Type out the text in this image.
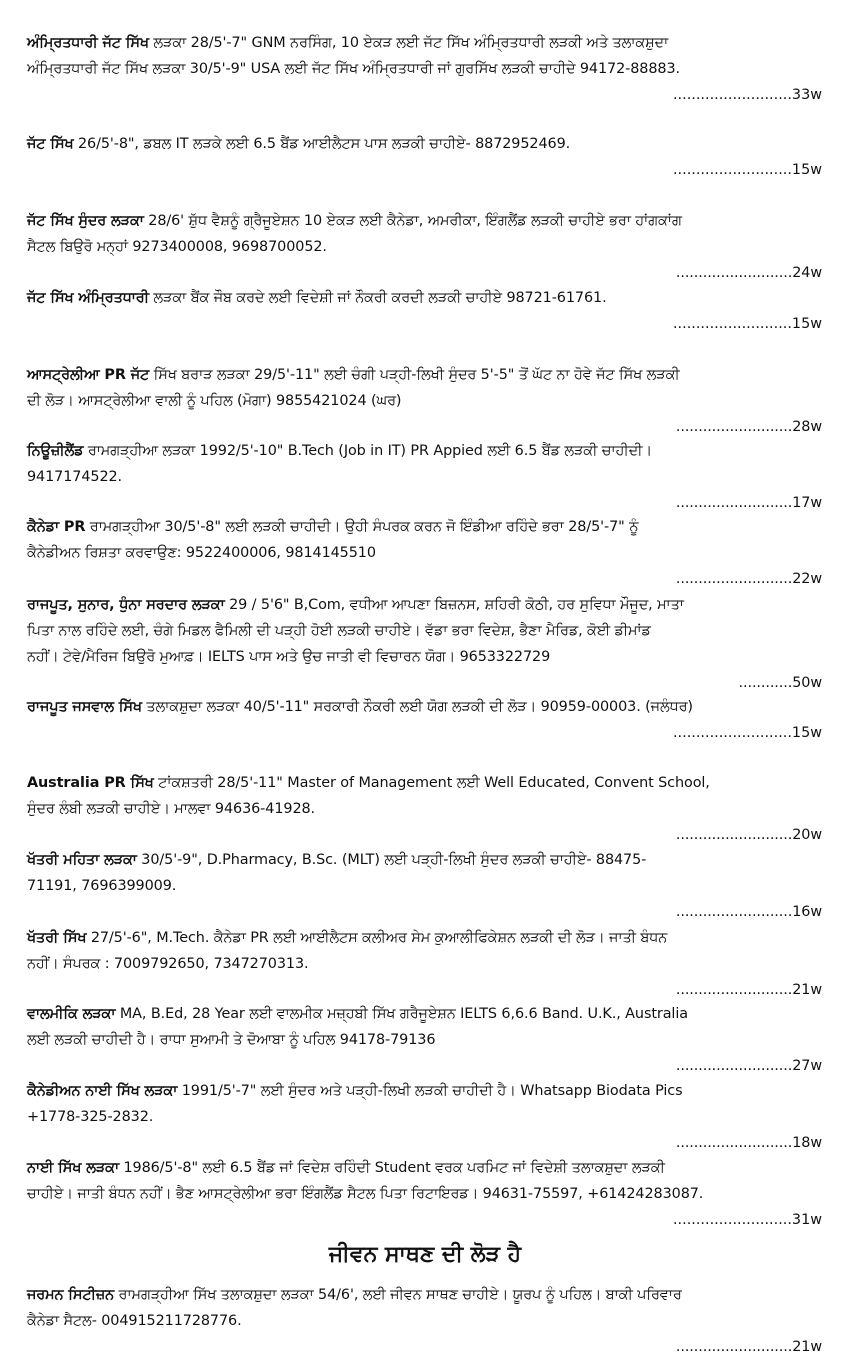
ਅੰਮ੍ਰਿਤਧਾਰੀ ਜੱਟ ਸਿੱਖ ਲੜਕਾ 28/5'-7" GNM ਨਰਸਿੰਗ, 10 ਏਕੜ ਲਈ ਜੱਟ ਸਿੱਖ ਅੰਮ੍ਰਿਤਧਾਰੀ ਲੜਕੀ ਅਤੇ ਤਲਾਕਸ਼ੁਦਾ
ਅੰਮ੍ਰਿਤਧਾਰੀ ਜੱਟ ਸਿੱਖ ਲੜਕਾ 30/5'-9" USA ਲਈ ਜੱਟ ਸਿੱਖ ਅੰਮ੍ਰਿਤਧਾਰੀ ਜਾਂ ਗੁਰਸਿੱਖ ਲੜਕੀ ਚਾਹੀਦੇ 94172-88883.
..........................33w
ਜੱਟ ਸਿੱਖ 26/5'-8", ਡਬਲ IT ਲੜਕੇ ਲਈ 6.5 ਬੈਂਡ ਆਈਲੈਟਸ ਪਾਸ ਲੜਕੀ ਚਾਹੀਏ- 8872952469.
..........................15w
ਜੱਟ ਸਿੱਖ ਸੁੰਦਰ ਲੜਕਾ 28/6' ਸ਼ੁੱਧ ਵੈਸ਼ਨੂੰ ਗ੍ਰੈਜੂਏਸ਼ਨ 10 ਏਕੜ ਲਈ ਕੈਨੇਡਾ, ਅਮਰੀਕਾ, ਇੰਗਲੈਂਡ ਲੜਕੀ ਚਾਹੀਏ ਭਰਾ ਹਾਂਗਕਾਂਗ
ਸੈਟਲ ਬਿਉਰੋ ਮਨ੍ਹਾਂ 9273400008, 9698700052.
..........................24w
ਜੱਟ ਸਿੱਖ ਅੰਮ੍ਰਿਤਧਾਰੀ ਲੜਕਾ ਬੈਂਕ ਜੌਬ ਕਰਦੇ ਲਈ ਵਿਦੇਸ਼ੀ ਜਾਂ ਨੌਕਰੀ ਕਰਦੀ ਲੜਕੀ ਚਾਹੀਏ 98721-61761.
..........................15w
ਆਸਟ੍ਰੇਲੀਆ PR ਜੱਟ ਸਿੱਖ ਬਰਾੜ ਲੜਕਾ 29/5'-11" ਲਈ ਚੰਗੀ ਪੜ੍ਹੀ-ਲਿਖੀ ਸੁੰਦਰ 5'-5" ਤੋਂ ਘੱਟ ਨਾ ਹੋਵੇ ਜੱਟ ਸਿੱਖ ਲੜਕੀ
ਦੀ ਲੋੜ। ਆਸਟ੍ਰੇਲੀਆ ਵਾਲੀ ਨੂੰ ਪਹਿਲ (ਮੋਗਾ) 9855421024 (ਘਰ)
..........................28w
ਨਿਊਜ਼ੀਲੈਂਡ ਰਾਮਗੜ੍ਹੀਆ ਲੜਕਾ 1992/5'-10" B.Tech (Job in IT) PR Appied ਲਈ 6.5 ਬੈਂਡ ਲੜਕੀ ਚਾਹੀਦੀ।
9417174522.
..........................17w
ਕੈਨੇਡਾ PR ਰਾਮਗੜ੍ਹੀਆ 30/5'-8" ਲਈ ਲੜਕੀ ਚਾਹੀਦੀ। ਉਹੀ ਸੰਪਰਕ ਕਰਨ ਜੋ ਇੰਡੀਆ ਰਹਿੰਦੇ ਭਰਾ 28/5'-7" ਨੂੰ
ਕੈਨੇਡੀਅਨ ਰਿਸ਼ਤਾ ਕਰਵਾਉਣ: 9522400006, 9814145510
..........................22w
ਰਾਜਪੂਤ, ਸੁਨਾਰ, ਧੁੰਨਾ ਸਰਦਾਰ ਲੜਕਾ 29 / 5'6" B,Com, ਵਧੀਆ ਆਪਣਾ ਬਿਜ਼ਨਸ, ਸ਼ਹਿਰੀ ਕੋਠੀ, ਹਰ ਸੁਵਿਧਾ ਮੌਜੂਦ, ਮਾਤਾ
ਪਿਤਾ ਨਾਲ ਰਹਿੰਦੇ ਲਈ, ਚੰਗੇ ਮਿਡਲ ਫੈਮਿਲੀ ਦੀ ਪੜ੍ਹੀ ਹੋਈ ਲੜਕੀ ਚਾਹੀਏ। ਵੱਡਾ ਭਰਾ ਵਿਦੇਸ਼, ਭੈਣਾ ਮੈਰਿਡ, ਕੋਈ ਡੀਮਾਂਡ
ਨਹੀਂ। ਟੇਵੇ/ਮੈਰਿਜ ਬਿਉਰੋ ਮੁਆਫ਼। IELTS ਪਾਸ ਅਤੇ ਉਚ ਜਾਤੀ ਵੀ ਵਿਚਾਰਨ ਯੋਗ। 9653322729
............50w
ਰਾਜਪੂਤ ਜਸਵਾਲ ਸਿੱਖ ਤਲਾਕਸ਼ੁਦਾ ਲੜਕਾ 40/5'-11" ਸਰਕਾਰੀ ਨੌਕਰੀ ਲਈ ਯੋਗ ਲੜਕੀ ਦੀ ਲੋੜ। 90959-00003. (ਜਲੰਧਰ)
..........................15w
Australia PR ਸਿੱਖ ਟਾਂਕਸ਼ਤਰੀ 28/5'-11" Master of Management ਲਈ Well Educated, Convent School,
ਸੁੰਦਰ ਲੰਬੀ ਲੜਕੀ ਚਾਹੀਏ। ਮਾਲਵਾ 94636-41928.
..........................20w
ਖੱਤਰੀ ਮਹਿਤਾ ਲੜਕਾ 30/5'-9", D.Pharmacy, B.Sc. (MLT) ਲਈ ਪੜ੍ਹੀ-ਲਿਖੀ ਸੁੰਦਰ ਲੜਕੀ ਚਾਹੀਏ- 88475-
71191, 7696399009.
..........................16w
ਖੱਤਰੀ ਸਿੱਖ 27/5'-6", M.Tech. ਕੈਨੇਡਾ PR ਲਈ ਆਈਲੈਟਸ ਕਲੀਅਰ ਸੇਮ ਕੁਆਲੀਫਿਕੇਸ਼ਨ ਲੜਕੀ ਦੀ ਲੋੜ। ਜਾਤੀ ਬੰਧਨ
ਨਹੀਂ। ਸੰਪਰਕ : 7009792650, 7347270313.
..........................21w
ਵਾਲਮੀਕਿ ਲੜਕਾ MA, B.Ed, 28 Year ਲਈ ਵਾਲਮੀਕ ਮਜ਼੍ਹਬੀ ਸਿੱਖ ਗਰੈਜੂਏਸ਼ਨ IELTS 6,6.6 Band. U.K., Australia
ਲਈ ਲੜਕੀ ਚਾਹੀਦੀ ਹੈ। ਰਾਧਾ ਸੁਆਮੀ ਤੇ ਦੋਆਬਾ ਨੂੰ ਪਹਿਲ 94178-79136
..........................27w
ਕੈਨੇਡੀਅਨ ਨਾਈ ਸਿੱਖ ਲੜਕਾ 1991/5'-7" ਲਈ ਸੁੰਦਰ ਅਤੇ ਪੜ੍ਹੀ-ਲਿਖੀ ਲੜਕੀ ਚਾਹੀਦੀ ਹੈ। Whatsapp Biodata Pics
+1778-325-2832.
..........................18w
ਨਾਈ ਸਿੱਖ ਲੜਕਾ 1986/5'-8" ਲਈ 6.5 ਬੈਂਡ ਜਾਂ ਵਿਦੇਸ਼ ਰਹਿੰਦੀ Student ਵਰਕ ਪਰਮਿਟ ਜਾਂ ਵਿਦੇਸ਼ੀ ਤਲਾਕਸ਼ੁਦਾ ਲੜਕੀ
ਚਾਹੀਏ। ਜਾਤੀ ਬੰਧਨ ਨਹੀਂ। ਭੈਣ ਆਸਟ੍ਰੇਲੀਆ ਭਰਾ ਇੰਗਲੈਂਡ ਸੈਟਲ ਪਿਤਾ ਰਿਟਾਇਰਡ। 94631-75597, +61424283087.
..........................31w
ਜੀਵਨ ਸਾਥਣ ਦੀ ਲੋੜ ਹੈ
ਜਰਮਨ ਸਿਟੀਜ਼ਨ ਰਾਮਗੜ੍ਹੀਆ ਸਿੱਖ ਤਲਾਕਸ਼ੁਦਾ ਲੜਕਾ 54/6', ਲਈ ਜੀਵਨ ਸਾਥਣ ਚਾਹੀਏ। ਯੂਰਪ ਨੂੰ ਪਹਿਲ। ਬਾਕੀ ਪਰਿਵਾਰ
ਕੈਨੇਡਾ ਸੈਟਲ- 004915211728776.
..........................21w
